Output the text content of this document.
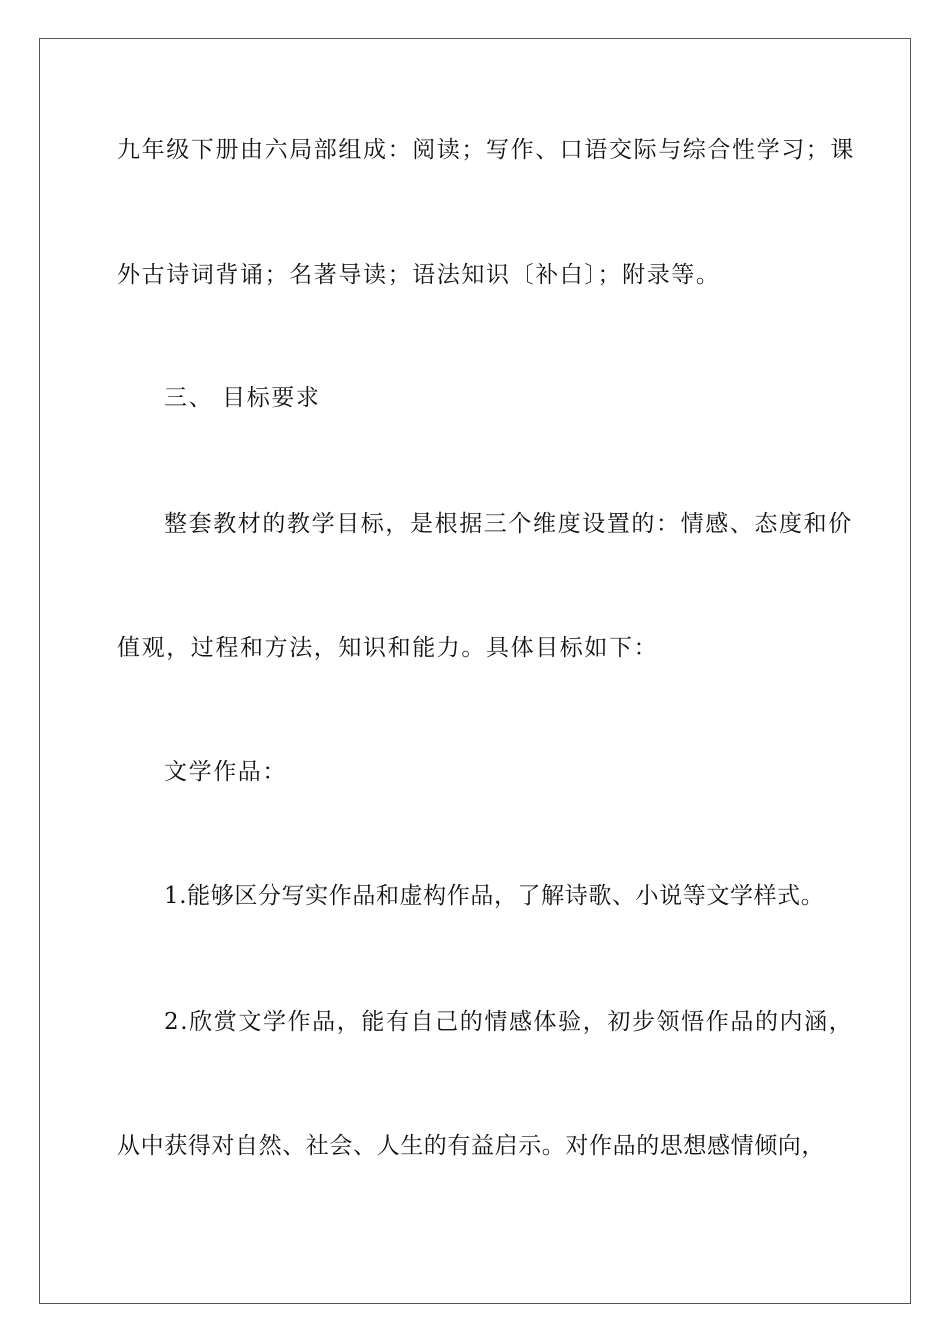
九年级下册由六局部组成：阅读；写作、口语交际与综合性学习；课

外古诗词背诵；名著导读；语法知识〔补白〕；附录等。

三、 目标要求

整套教材的教学目标，是根据三个维度设置的：情感、态度和价

值观，过程和方法，知识和能力。具体目标如下：

文学作品：

1.能够区分写实作品和虚构作品，了解诗歌、小说等文学样式。

2.欣赏文学作品，能有自己的情感体验，初步领悟作品的内涵，

从中获得对自然、社会、人生的有益启示。对作品的思想感情倾向，
